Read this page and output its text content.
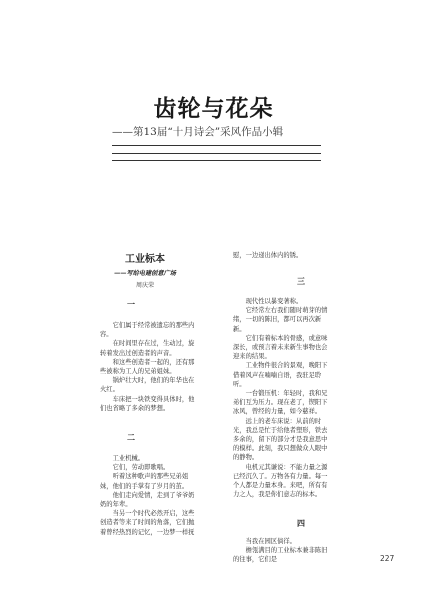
齿轮与花朵
——第13届“十月诗会”采风作品小辑
工业标本
——写给电建创意广场
周庆荣
一

它们属于经常被遗忘的那些内容。

在时间里存在过，生动过，旋转着发出过创造者的声音。

和这些创造者一起的，还有那些被称为工人的兄弟姐妹。

锅炉壮大时，他们的年华也在火红。

车床把一块铁变得具体时，他们也省略了多余的梦想。

二

工业机械。

它们，劳动即歌唱。

听着这种歌声的那些兄弟姐妹，他们的手掌有了岁月的茧。

他们走向爱情，走到了爷爷奶奶的年辈。

当另一个时代必然开启，这些创造者等来了时间的角落，它们抛着曾经热烈的记忆，一边梦一样抚

慰，一边递出体内的锈。

三

现代性以暴变著称。

它经常左右我们随时萌芽的情绪，一切的陈旧，都可以再次新新。

它们有着标本的骨感，或意味深长，或预言着未来新生事物也会迎来的结果。

工业物件很合的景观，晚阳下借着风声在喃喃自语，我驻足聆听。

一台锻压机：年轻时，我和兄弟们互为压力。现在老了，锲阳下冰风，曾经的力量，如今慈祥。

远上的老车床说：从前的时光，我总是忙于给他者塑形，铁去多余的，留下的部分才是我意思中的模样。此刻，我只想做众人眼中的静物。

电机元其谦说：不能力量之源已经沉久了。万物各有力量。每一个人都是力量本身。来吧，所有有力之人，我是你们意志的标本。

四

当我在园区倘徉。

檐瓴满目的工业标本兼非陈旧的往事，它们是	227
